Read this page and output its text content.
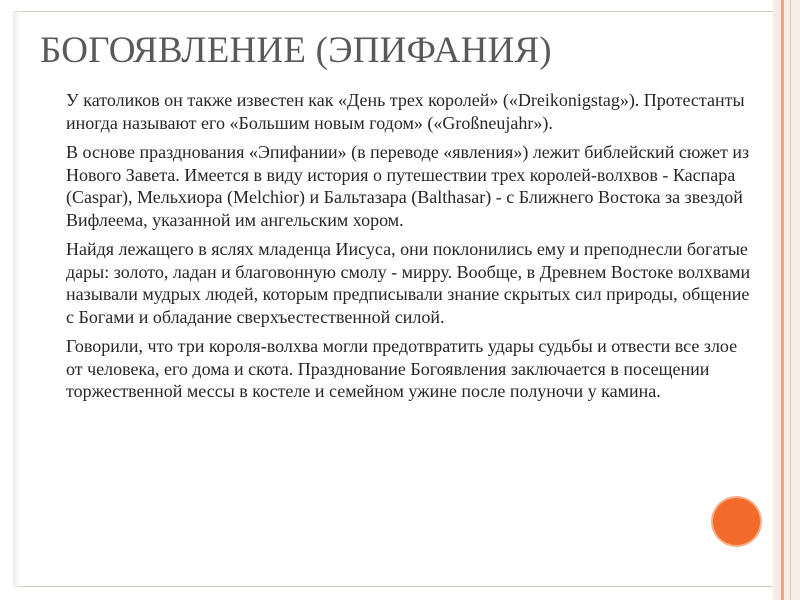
БОГОЯВЛЕНИЕ (ЭПИФАНИЯ)
У католиков он также известен как «День трех королей» («Dreikonigstag»). Протестанты иногда называют его «Большим новым годом» («Großneujahr»).
В основе празднования «Эпифании» (в переводе «явления») лежит библейский сюжет из Нового Завета. Имеется в виду история о путешествии трех королей-волхвов - Каспара (Caspar), Мельхиора (Melchior) и Бальтазара (Balthasar) - с Ближнего Востока за звездой Вифлеема, указанной им ангельским хором.
Найдя лежащего в яслях младенца Иисуса, они поклонились ему и преподнесли богатые дары: золото, ладан и благовонную смолу - мирру. Вообще, в Древнем Востоке волхвами называли мудрых людей, которым предписывали знание скрытых сил природы, общение с Богами и обладание сверхъестественной силой.
Говорили, что три короля-волхва могли предотвратить удары судьбы и отвести все злое от человека, его дома и скота. Празднование Богоявления заключается в посещении торжественной мессы в костеле и семейном ужине после полуночи у камина.
